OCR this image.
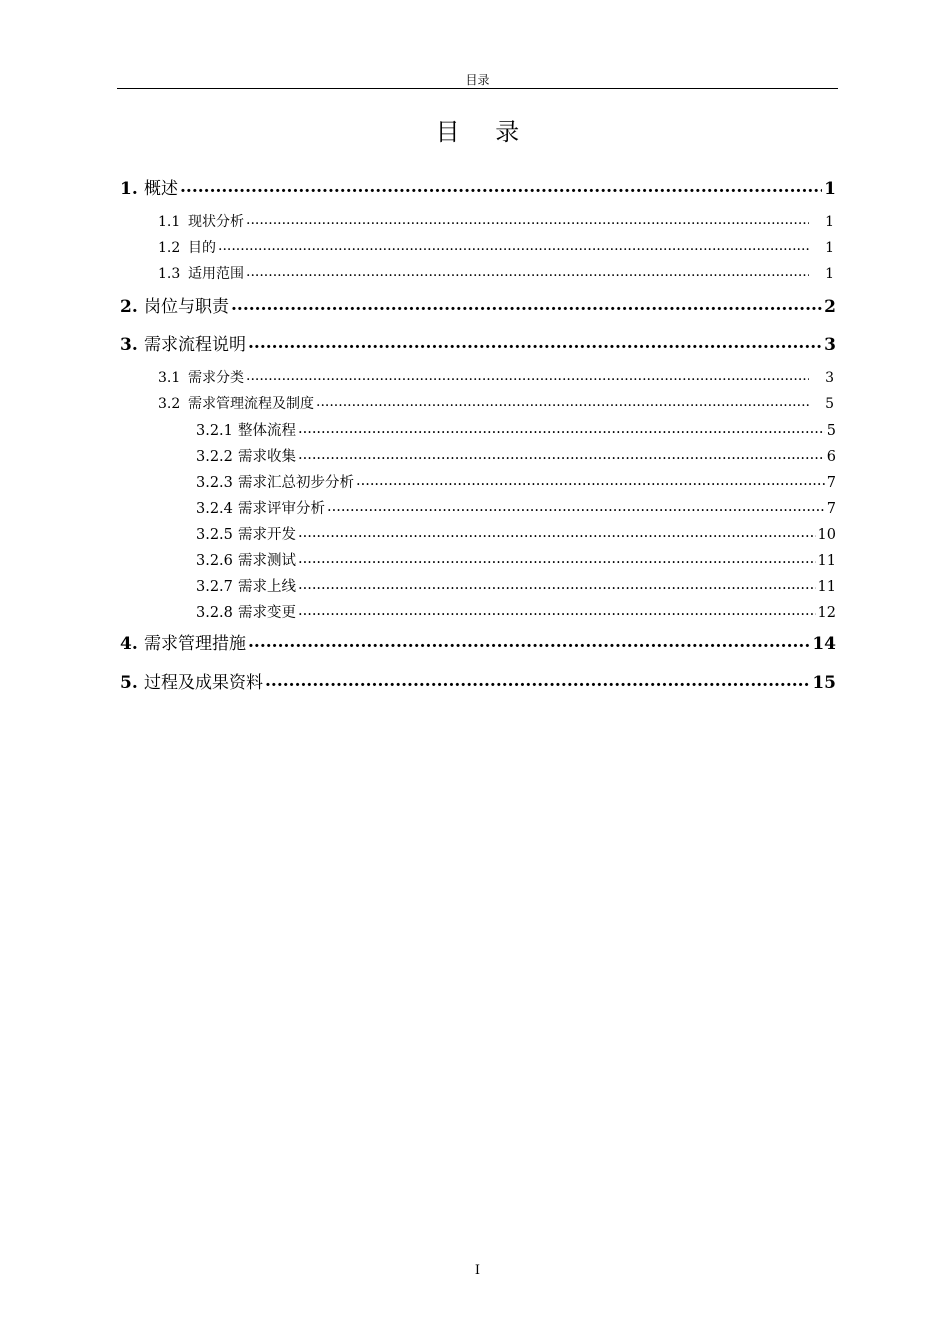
目录
目 录
1. 概述 .....	1
1.1 现状分析 .....	1
1.2 目的 .....	1
1.3 适用范围 .....	1
2. 岗位与职责 .....	2
3. 需求流程说明 .....	3
3.1 需求分类 .....	3
3.2 需求管理流程及制度 .....	5
3.2.1 整体流程 .....	5
3.2.2 需求收集 .....	6
3.2.3 需求汇总初步分析 .....	7
3.2.4 需求评审分析 .....	7
3.2.5 需求开发 .....	10
3.2.6 需求测试 .....	11
3.2.7 需求上线 .....	11
3.2.8 需求变更 .....	12
4. 需求管理措施 .....	14
5. 过程及成果资料 .....	15
I
